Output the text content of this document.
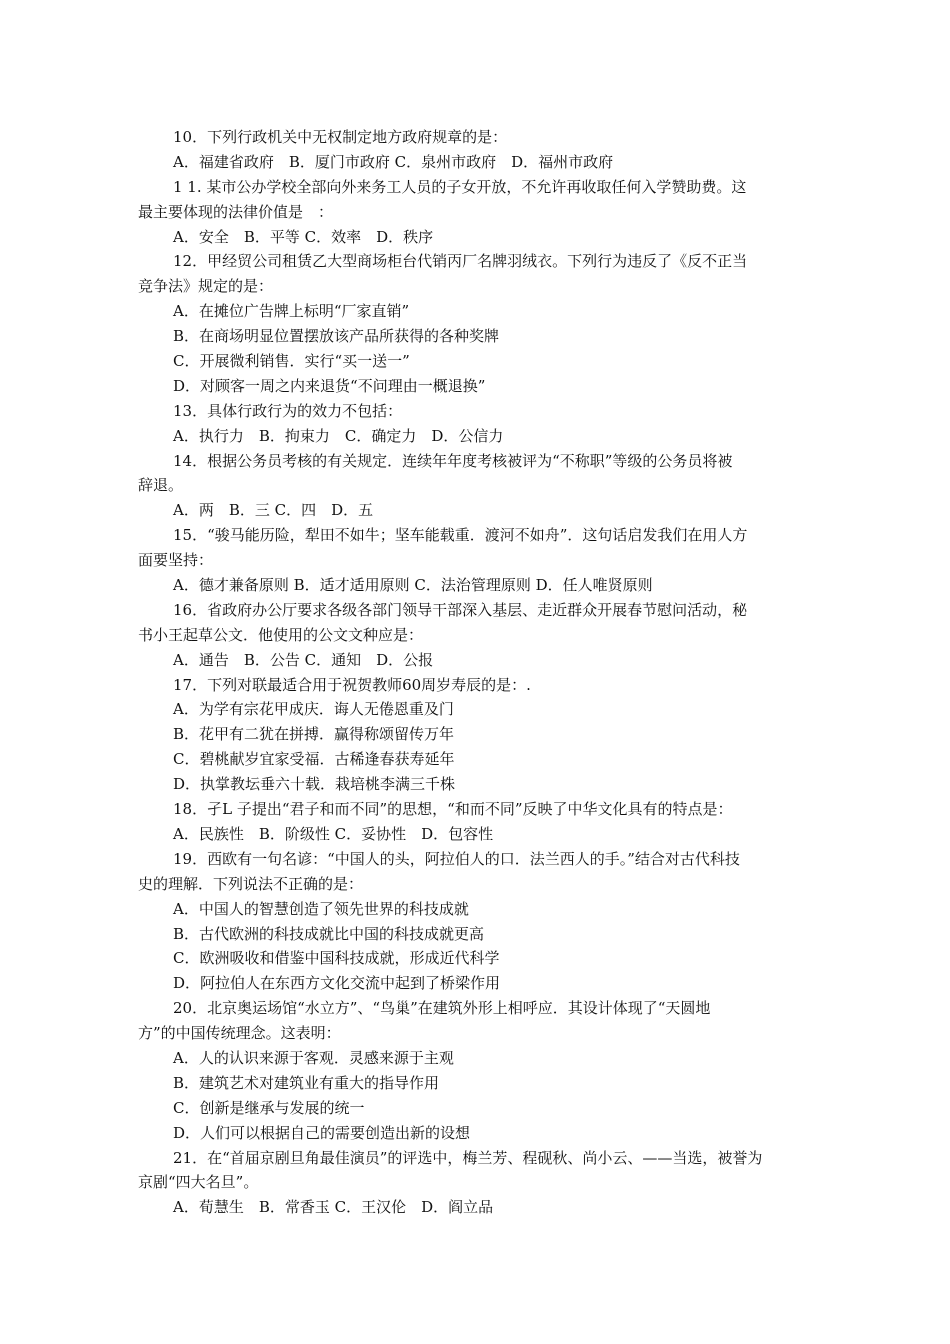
10．下列行政机关中无权制定地方政府规章的是：
A．福建省政府　B．厦门市政府 C．泉州市政府　D．福州市政府
1 1. 某市公办学校全部向外来务工人员的子女开放，不允许再收取任何入学赞助费。这
最主要体现的法律价值是　：
A．安全　B．平等 C．效率　D．秩序
12．甲经贸公司租赁乙大型商场柜台代销丙厂名牌羽绒衣。下列行为违反了《反不正当
竞争法》规定的是：
A．在摊位广告牌上标明“厂家直销”
B．在商场明显位置摆放该产品所获得的各种奖牌
C．开展微利销售．实行“买一送一”
D．对顾客一周之内来退货“不问理由一概退换”
13．具体行政行为的效力不包括：
A．执行力　B．拘束力　C．确定力　D．公信力
14．根据公务员考核的有关规定．连续年年度考核被评为“不称职”等级的公务员将被
辞退。
A．两　B．三 C．四　D．五
15．“骏马能历险，犁田不如牛；坚车能载重．渡河不如舟”．这句话启发我们在用人方
面要坚持：
A．德才兼备原则 B．适才适用原则 C．法治管理原则 D．任人唯贤原则
16．省政府办公厅要求各级各部门领导干部深入基层、走近群众开展春节慰问活动，秘
书小王起草公文．他使用的公文文种应是：
A．通告　B．公告 C．通知　D．公报
17．下列对联最适合用于祝贺教师60周岁寿辰的是：.
A．为学有宗花甲成庆．诲人无倦恩重及门
B．花甲有二犹在拼搏．赢得称颂留传万年
C．碧桃献岁宜家受福．古稀逢春获寿延年
D．执掌教坛垂六十载．栽培桃李满三千株
18．孑L 子提出“君子和而不同”的思想，“和而不同”反映了中华文化具有的特点是：
A．民族性　B．阶级性 C．妥协性　D．包容性
19．西欧有一句名谚：“中国人的头，阿拉伯人的口．法兰西人的手。”结合对古代科技
史的理解．下列说法不正确的是：
A．中国人的智慧创造了领先世界的科技成就
B．古代欧洲的科技成就比中国的科技成就更高
C．欧洲吸收和借鉴中国科技成就，形成近代科学
D．阿拉伯人在东西方文化交流中起到了桥梁作用
20．北京奥运场馆“水立方”、“鸟巢”在建筑外形上相呼应．其设计体现了“天圆地
方”的中国传统理念。这表明：
A．人的认识来源于客观．灵感来源于主观
B．建筑艺术对建筑业有重大的指导作用
C．创新是继承与发展的统一
D．人们可以根据自己的需要创造出新的设想
21．在“首届京剧旦角最佳演员”的评选中，梅兰芳、程砚秋、尚小云、——当选，被誉为
京剧“四大名旦”。
A．荀慧生　B．常香玉 C．王汉伦　D．阎立品
